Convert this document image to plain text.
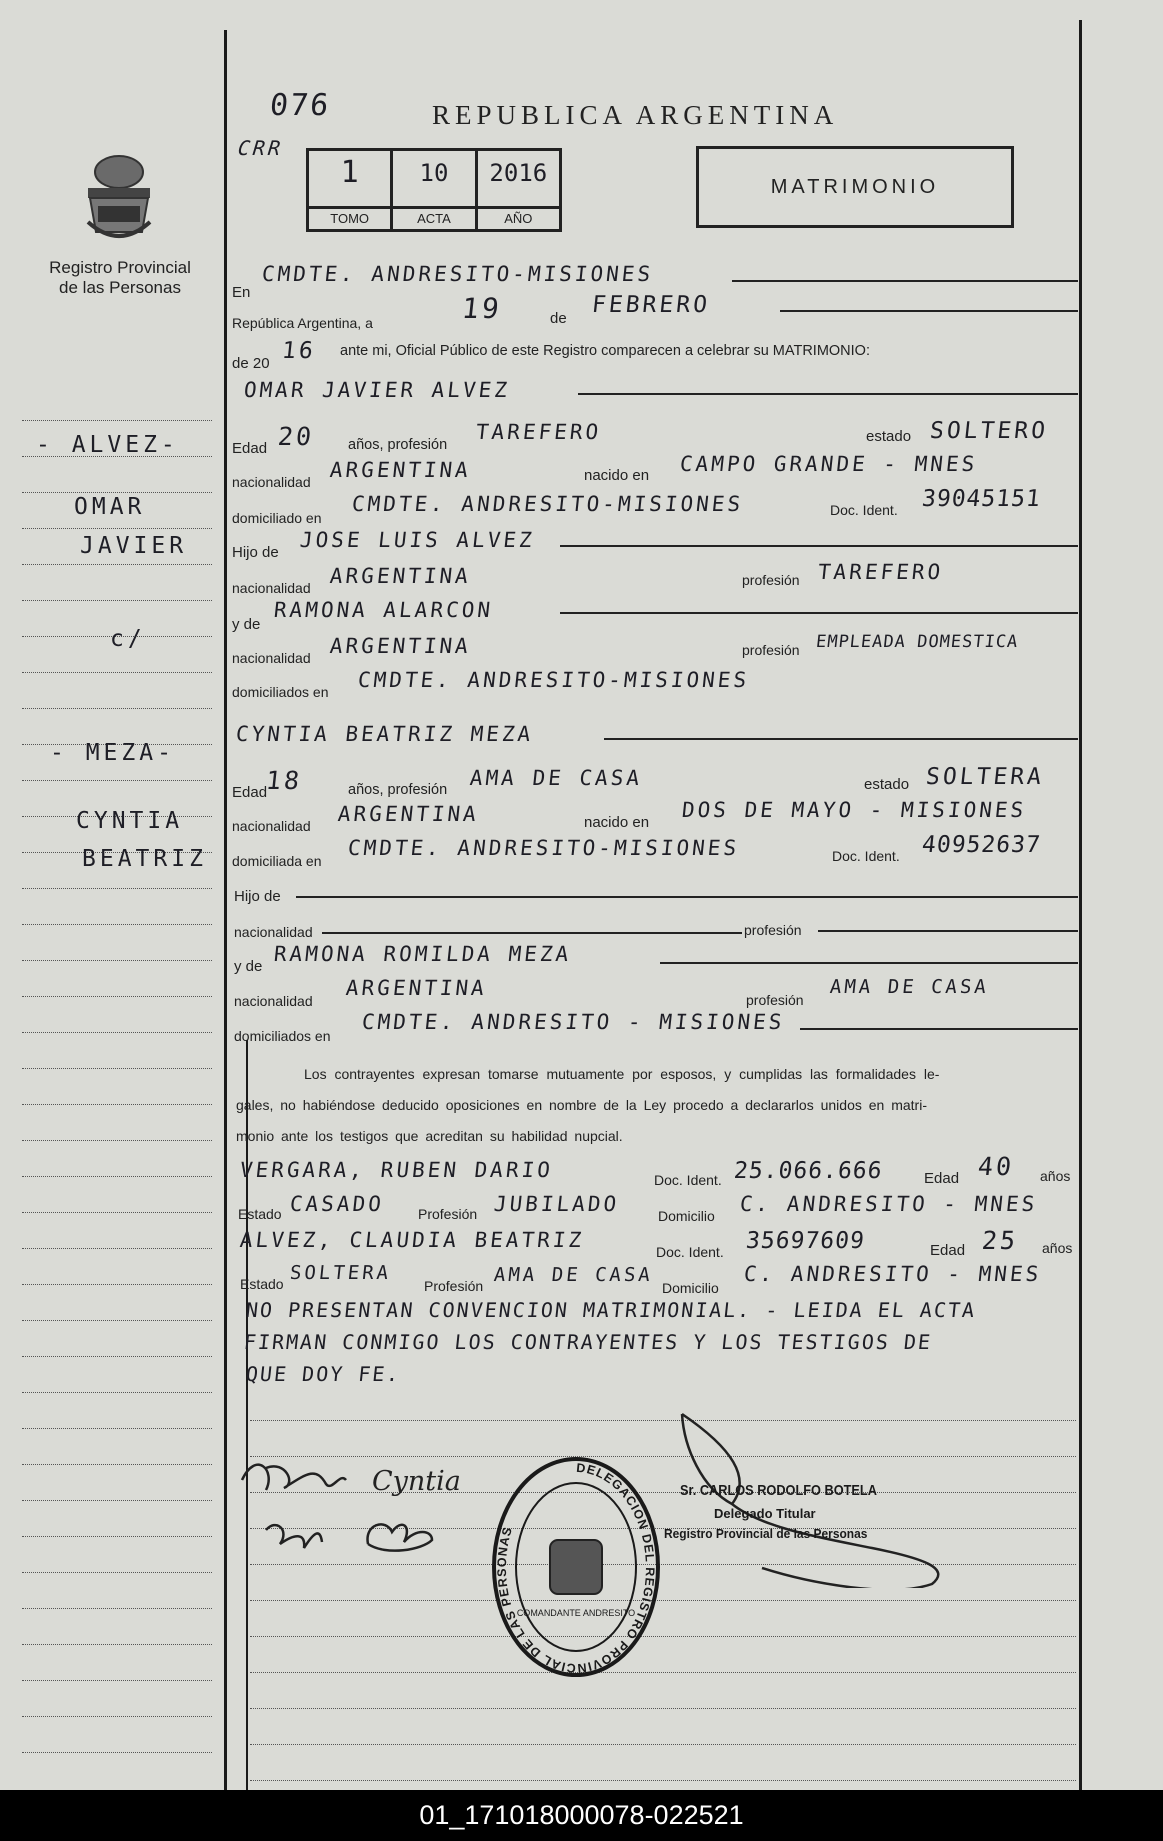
076
CRR
REPUBLICA ARGENTINA
1
TOMO
10
ACTA
2016
AÑO
MATRIMONIO
Registro Provincial de las Personas
- ALVEZ-
OMAR
JAVIER
c/
- MEZA-
CYNTIA
BEATRIZ
En
CMDTE. ANDRESITO-MISIONES
República Argentina, a	19	de
FEBRERO
de 20 16 ante mi, Oficial Público de este Registro comparecen a celebrar su MATRIMONIO:
OMAR JAVIER ALVEZ
Edad 20 años, profesión
TAREFERO	estado SOLTERO
nacionalidad ARGENTINA	nacido en CAMPO GRANDE - MNES
domiciliado en
CMDTE. ANDRESITO-MISIONES	Doc. Ident. 39045151
Hijo de
JOSE LUIS ALVEZ
nacionalidad ARGENTINA	profesión TAREFERO
y de
RAMONA ALARCON
nacionalidad ARGENTINA	profesión EMPLEADA DOMESTICA
domiciliados en CMDTE. ANDRESITO-MISIONES
CYNTIA BEATRIZ MEZA
Edad
18	años, profesión AMA DE CASA	estado SOLTERA
nacionalidad ARGENTINA	nacido en
DOS DE MAYO - MISIONES
domiciliada en
CMDTE. ANDRESITO-MISIONES	Doc. Ident. 40952637
Hijo de
nacionalidad	profesión
y de
RAMONA ROMILDA MEZA
nacionalidad
ARGENTINA	profesión
AMA DE CASA
domiciliados en
CMDTE. ANDRESITO - MISIONES
Los contrayentes expresan tomarse mutuamente por esposos, y cumplidas las formalidades le-
gales, no habiéndose deducido oposiciones en nombre de la Ley procedo a declararlos unidos en matri-
monio ante los testigos que acreditan su habilidad nupcial.
VERGARA, RUBEN DARIO	Doc. Ident. 25.066.666	Edad 40 años
Estado CASADO Profesión JUBILADO	Domicilio C. ANDRESITO - MNES
ALVEZ, CLAUDIA BEATRIZ	Doc. Ident. 35697609	Edad 25 años
Estado SOLTERA
Profesión AMA DE CASA
Domicilio
C. ANDRESITO - MNES
NO PRESENTAN CONVENCION MATRIMONIAL. - LEIDA EL ACTA
FIRMAN CONMIGO LOS CONTRAYENTES Y LOS TESTIGOS DE
QUE DOY FE.
Cyntia	DELEGACION DEL REGISTRO PROVINCIAL DE LAS PERSONAS
COMANDANTE ANDRESITO
Sr. CARLOS RODOLFO BOTELA
Delegado Titular
Registro Provincial de las Personas
01_171018000078-022521
